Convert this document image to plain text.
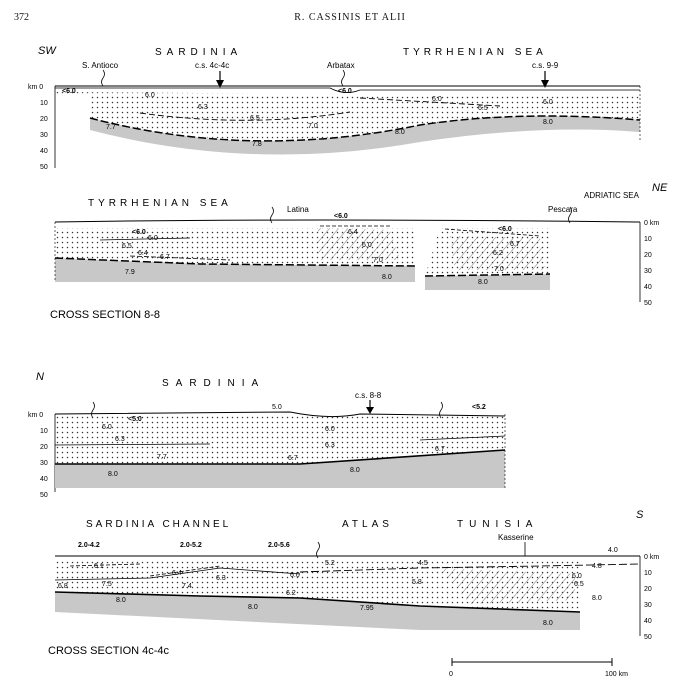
372	R. CASSINIS ET ALII
SW	SARDINIA	TYRRHENIAN SEA
S. Antioco	Arbatax
c.s. 4c-4c	c.s. 9-9
km 0
10
20
30
40
50
<6.0
6.0
6.3
6.5
7.0
7.7
7.8
8.0
<6.0
6.0
6.5
6.0
8.0
NE
TYRRHENIAN SEA
ADRIATIC SEA
Latina	Pescara
0 km
10
20
30
40
50
<6.0
6.0
6.5
6.4
6.7
7.9
<6.0
6.4
6.0
7.0
8.0
<6.0
6.7
6.2
7.0
8.0
CROSS SECTION 8-8
N
SARDINIA
c.s. 8-8
km 0
10
20
30
40
50
<5.0
5.0	<5.2
6.0
6.3
6.0
6.3
7.7	6.7
6.7
8.0
8.0
S
SARDINIA CHANNEL	ATLAS	TUNISIA
Kasserine
2.0-4.2	2.0-5.2	2.0-5.6
0 km
10
20
30
40
50
6.1
6.8	7.5
6.4
7.4
6.3	6.0
5.2	4.5
5.8
6.2
8.0
8.0	7.95
8.0
4.0
4.8
6.0
6.5
8.0
CROSS SECTION 4c-4c
0	100 km
